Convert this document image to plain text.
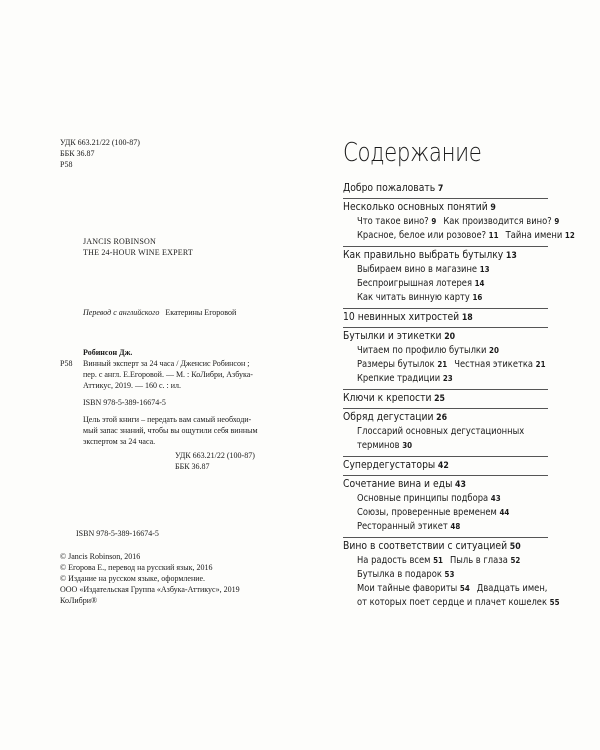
УДК 663.21/22 (100-87)
ББК 36.87
Р58
JANCIS ROBINSON
THE 24-HOUR WINE EXPERT
Перевод с английского Екатерины Егоровой
Р58
Робинсон Дж.
Винный эксперт за 24 часа / Дженсис Робинсон ;
пер. с англ. Е.Егоровой. — М. : КоЛибри, Азбука-
Аттикус, 2019. — 160 с. : ил.
ISBN 978-5-389-16674-5
Цель этой книги – передать вам самый необходи-
мый запас знаний, чтобы вы ощутили себя винным
экспертом за 24 часа.
УДК 663.21/22 (100-87)
ББК 36.87
ISBN 978-5-389-16674-5
© Jancis Robinson, 2016
© Егорова Е., перевод на русский язык, 2016
© Издание на русском языке, оформление.
ООО «Издательская Группа «Азбука-Аттикус», 2019
КоЛибри®
Содержание
Добро пожаловать 7
Несколько основных понятий 9
Что такое вино? 9 Как производится вино? 9
Красное, белое или розовое? 11 Тайна имени 12
Как правильно выбрать бутылку 13
Выбираем вино в магазине 13
Беспроигрышная лотерея 14
Как читать винную карту 16
10 невинных хитростей 18
Бутылки и этикетки 20
Читаем по профилю бутылки 20
Размеры бутылок 21 Честная этикетка 21
Крепкие традиции 23
Ключи к крепости 25
Обряд дегустации 26
Глоссарий основных дегустационных
терминов 30
Супердегустаторы 42
Сочетание вина и еды 43
Основные принципы подбора 43
Союзы, проверенные временем 44
Ресторанный этикет 48
Вино в соответствии с ситуацией 50
На радость всем 51 Пыль в глаза 52
Бутылка в подарок 53
Мои тайные фавориты 54 Двадцать имен,
от которых поет сердце и плачет кошелек 55
